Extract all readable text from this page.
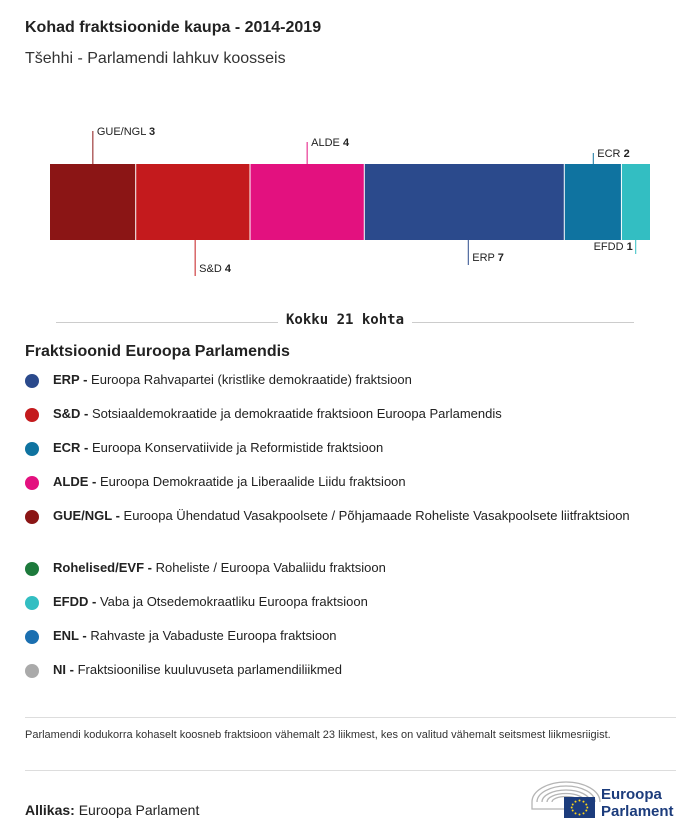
Kohad fraktsioonide kaupa - 2014-2019
Tšehhi - Parlamendi lahkuv koosseis
GUE/NGL 3
S&D 4
ALDE 4
ERP 7
ECR 2
EFDD 1
Kokku 21 kohta
Fraktsioonid Euroopa Parlamendis
ERP - Euroopa Rahvapartei (kristlike demokraatide) fraktsioon
S&D - Sotsiaaldemokraatide ja demokraatide fraktsioon Euroopa Parlamendis
ECR - Euroopa Konservatiivide ja Reformistide fraktsioon
ALDE - Euroopa Demokraatide ja Liberaalide Liidu fraktsioon
GUE/NGL - Euroopa Ühendatud Vasakpoolsete / Põhjamaade Roheliste Vasakpoolsete liitfraktsioon
Rohelised/EVF - Roheliste / Euroopa Vabaliidu fraktsioon
EFDD - Vaba ja Otsedemokraatliku Euroopa fraktsioon
ENL - Rahvaste ja Vabaduste Euroopa fraktsioon
NI - Fraktsioonilise kuuluvuseta parlamendiliikmed
Parlamendi kodukorra kohaselt koosneb fraktsioon vähemalt 23 liikmest, kes on valitud vähemalt seitsmest liikmesriigist.
Allikas: Euroopa Parlament
Euroopa
Parlament
